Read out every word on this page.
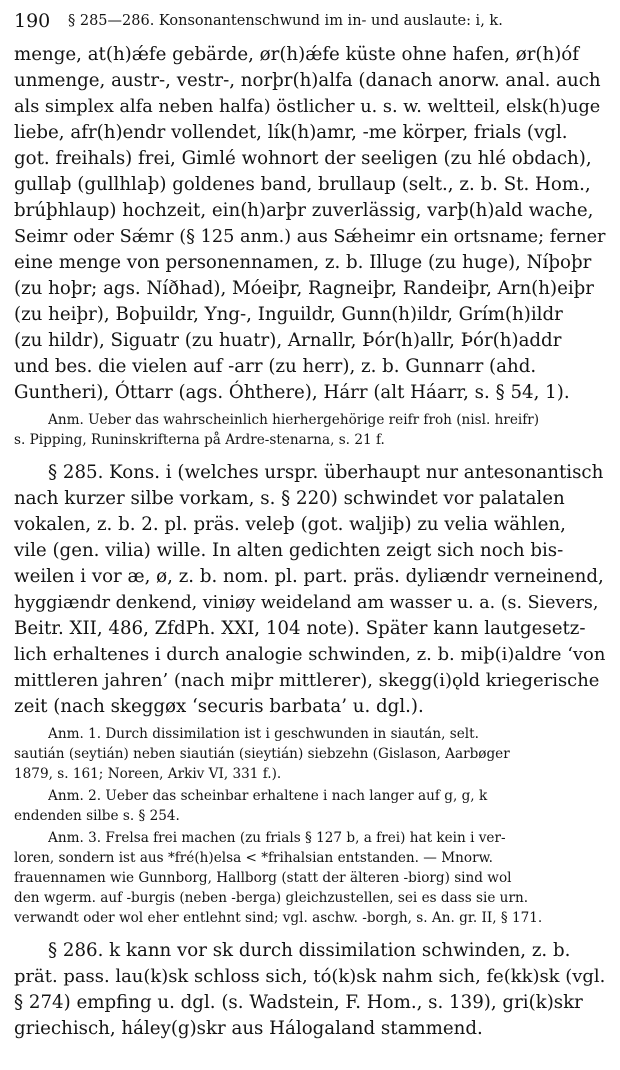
190 § 285—286. Konsonantenschwund im in- und auslaute: i, k.
menge, at(h)ǽfe gebärde, ør(h)ǽfe küste ohne hafen, ør(h)óf
unmenge, austr-, vestr-, norþr(h)alfa (danach anorw. anal. auch
als simplex alfa neben halfa) östlicher u. s. w. weltteil, elsk(h)uge
liebe, afr(h)endr vollendet, lík(h)amr, -me körper, frials (vgl.
got. freihals) frei, Gimlé wohnort der seeligen (zu hlé obdach),
gullaþ (gullhlaþ) goldenes band, brullaup (selt., z. b. St. Hom.,
brúþhlaup) hochzeit, ein(h)arþr zuverlässig, varþ(h)ald wache,
Seimr oder Sǽmr (§ 125 anm.) aus Sǽheimr ein ortsname; ferner
eine menge von personennamen, z. b. Illuge (zu huge), Níþoþr
(zu hoþr; ags. Níðhad), Móeiþr, Ragneiþr, Randeiþr, Arn(h)eiþr
(zu heiþr), Boþuildr, Yng-, Inguildr, Gunn(h)ildr, Grím(h)ildr
(zu hildr), Siguatr (zu huatr), Arnallr, Þór(h)allr, Þór(h)addr
und bes. die vielen auf -arr (zu herr), z. b. Gunnarr (ahd.
Guntheri), Óttarr (ags. Óhthere), Hárr (alt Háarr, s. § 54, 1).
Anm. Ueber das wahrscheinlich hierhergehörige reifr froh (nisl. hreifr)
s. Pipping, Runinskrifterna på Ardre-stenarna, s. 21 f.
§ 285. Kons. i (welches urspr. überhaupt nur antesonantisch
nach kurzer silbe vorkam, s. § 220) schwindet vor palatalen
vokalen, z. b. 2. pl. präs. veleþ (got. waljiþ) zu velia wählen,
vile (gen. vilia) wille. In alten gedichten zeigt sich noch bis-
weilen i vor æ, ø, z. b. nom. pl. part. präs. dyliændr verneinend,
hyggiændr denkend, viniøy weideland am wasser u. a. (s. Sievers,
Beitr. XII, 486, ZfdPh. XXI, 104 note). Später kann lautgesetz-
lich erhaltenes i durch analogie schwinden, z. b. miþ(i)aldre ‘von
mittleren jahren’ (nach miþr mittlerer), skegg(i)ǫld kriegerische
zeit (nach skeggøx ‘securis barbata’ u. dgl.).
Anm. 1. Durch dissimilation ist i geschwunden in siaután, selt.
sautián (seytián) neben siautián (sieytián) siebzehn (Gislason, Aarbøger
1879, s. 161; Noreen, Arkiv VI, 331 f.).
Anm. 2. Ueber das scheinbar erhaltene i nach langer auf g, g, k
endenden silbe s. § 254.
Anm. 3. Frelsa frei machen (zu frials § 127 b, a frei) hat kein i ver-
loren, sondern ist aus *fré(h)elsa < *frihalsian entstanden. — Mnorw.
frauennamen wie Gunnborg, Hallborg (statt der älteren -biorg) sind wol
den wgerm. auf -burgis (neben -berga) gleichzustellen, sei es dass sie urn.
verwandt oder wol eher entlehnt sind; vgl. aschw. -borgh, s. An. gr. II, § 171.
§ 286. k kann vor sk durch dissimilation schwinden, z. b.
prät. pass. lau(k)sk schloss sich, tó(k)sk nahm sich, fe(kk)sk (vgl.
§ 274) empfing u. dgl. (s. Wadstein, F. Hom., s. 139), gri(k)skr
griechisch, háley(g)skr aus Hálogaland stammend.
